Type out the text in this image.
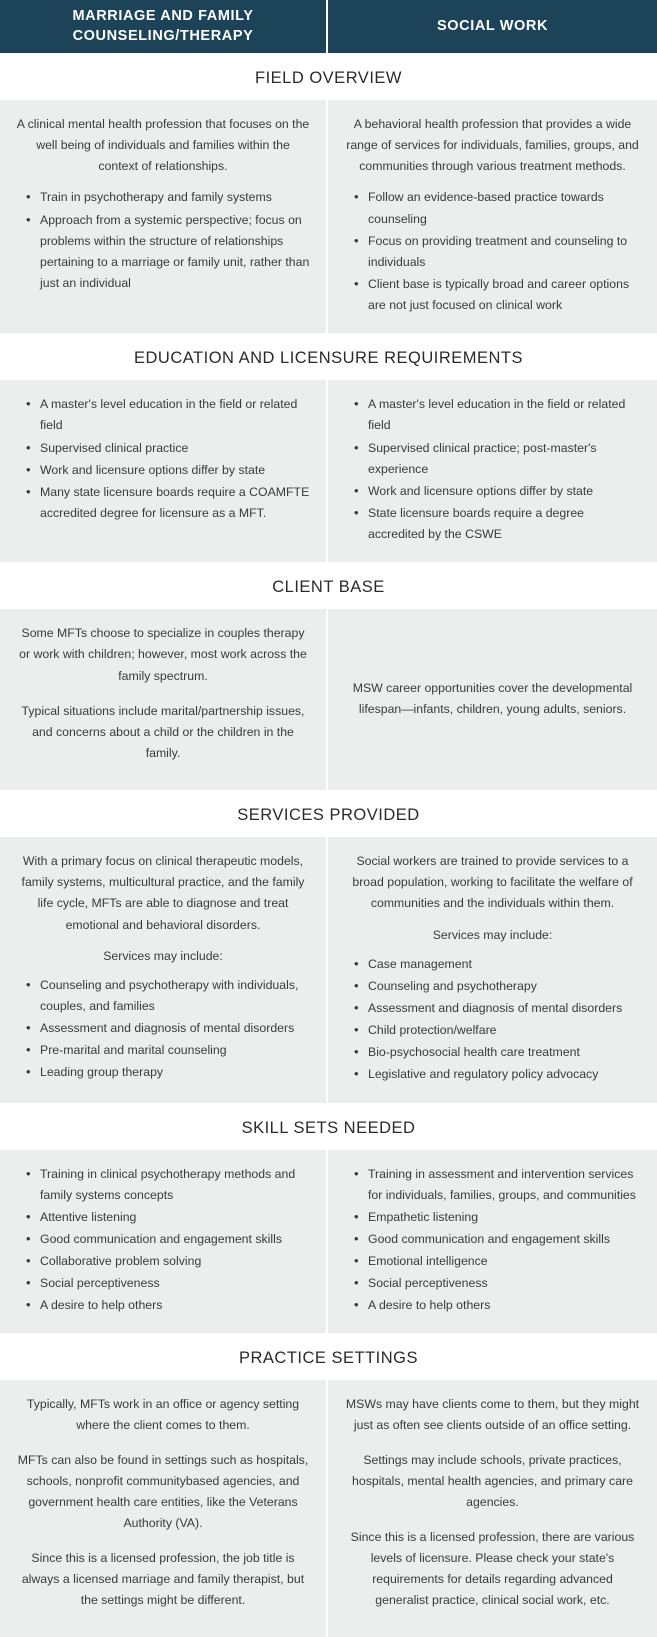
MARRIAGE AND FAMILY COUNSELING/THERAPY
SOCIAL WORK
FIELD OVERVIEW

A clinical mental health profession that focuses on the well being of individuals and families within the context of relationships.

• Train in psychotherapy and family systems
• Approach from a systemic perspective; focus on problems within the structure of relationships pertaining to a marriage or family unit, rather than just an individual

A behavioral health profession that provides a wide range of services for individuals, families, groups, and communities through various treatment methods.

• Follow an evidence-based practice towards counseling
• Focus on providing treatment and counseling to individuals
• Client base is typically broad and career options are not just focused on clinical work
EDUCATION AND LICENSURE REQUIREMENTS
• A master's level education in the field or related field
• Supervised clinical practice
• Work and licensure options differ by state
• Many state licensure boards require a COAMFTE accredited degree for licensure as a MFT.
• A master's level education in the field or related field
• Supervised clinical practice; post-master's experience
• Work and licensure options differ by state
• State licensure boards require a degree accredited by the CSWE
CLIENT BASE

Some MFTs choose to specialize in couples therapy or work with children; however, most work across the family spectrum.

Typical situations include marital/partnership issues, and concerns about a child or the children in the family.

MSW career opportunities cover the developmental lifespan—infants, children, young adults, seniors.

SERVICES PROVIDED

With a primary focus on clinical therapeutic models, family systems, multicultural practice, and the family life cycle, MFTs are able to diagnose and treat emotional and behavioral disorders.

Services may include:

• Counseling and psychotherapy with individuals, couples, and families
• Assessment and diagnosis of mental disorders
• Pre-marital and marital counseling
• Leading group therapy

Social workers are trained to provide services to a broad population, working to facilitate the welfare of communities and the individuals within them.

Services may include:

• Case management
• Counseling and psychotherapy
• Assessment and diagnosis of mental disorders
• Child protection/welfare
• Bio-psychosocial health care treatment
• Legislative and regulatory policy advocacy
SKILL SETS NEEDED
• Training in clinical psychotherapy methods and family systems concepts
• Attentive listening
• Good communication and engagement skills
• Collaborative problem solving
• Social perceptiveness
• A desire to help others
• Training in assessment and intervention services for individuals, families, groups, and communities
• Empathetic listening
• Good communication and engagement skills
• Emotional intelligence
• Social perceptiveness
• A desire to help others
PRACTICE SETTINGS

Typically, MFTs work in an office or agency setting where the client comes to them.

MFTs can also be found in settings such as hospitals, schools, nonprofit communitybased agencies, and government health care entities, like the Veterans Authority (VA).

Since this is a licensed profession, the job title is always a licensed marriage and family therapist, but the settings might be different.

MSWs may have clients come to them, but they might just as often see clients outside of an office setting.

Settings may include schools, private practices, hospitals, mental health agencies, and primary care agencies.

Since this is a licensed profession, there are various levels of licensure. Please check your state's requirements for details regarding advanced generalist practice, clinical social work, etc.
